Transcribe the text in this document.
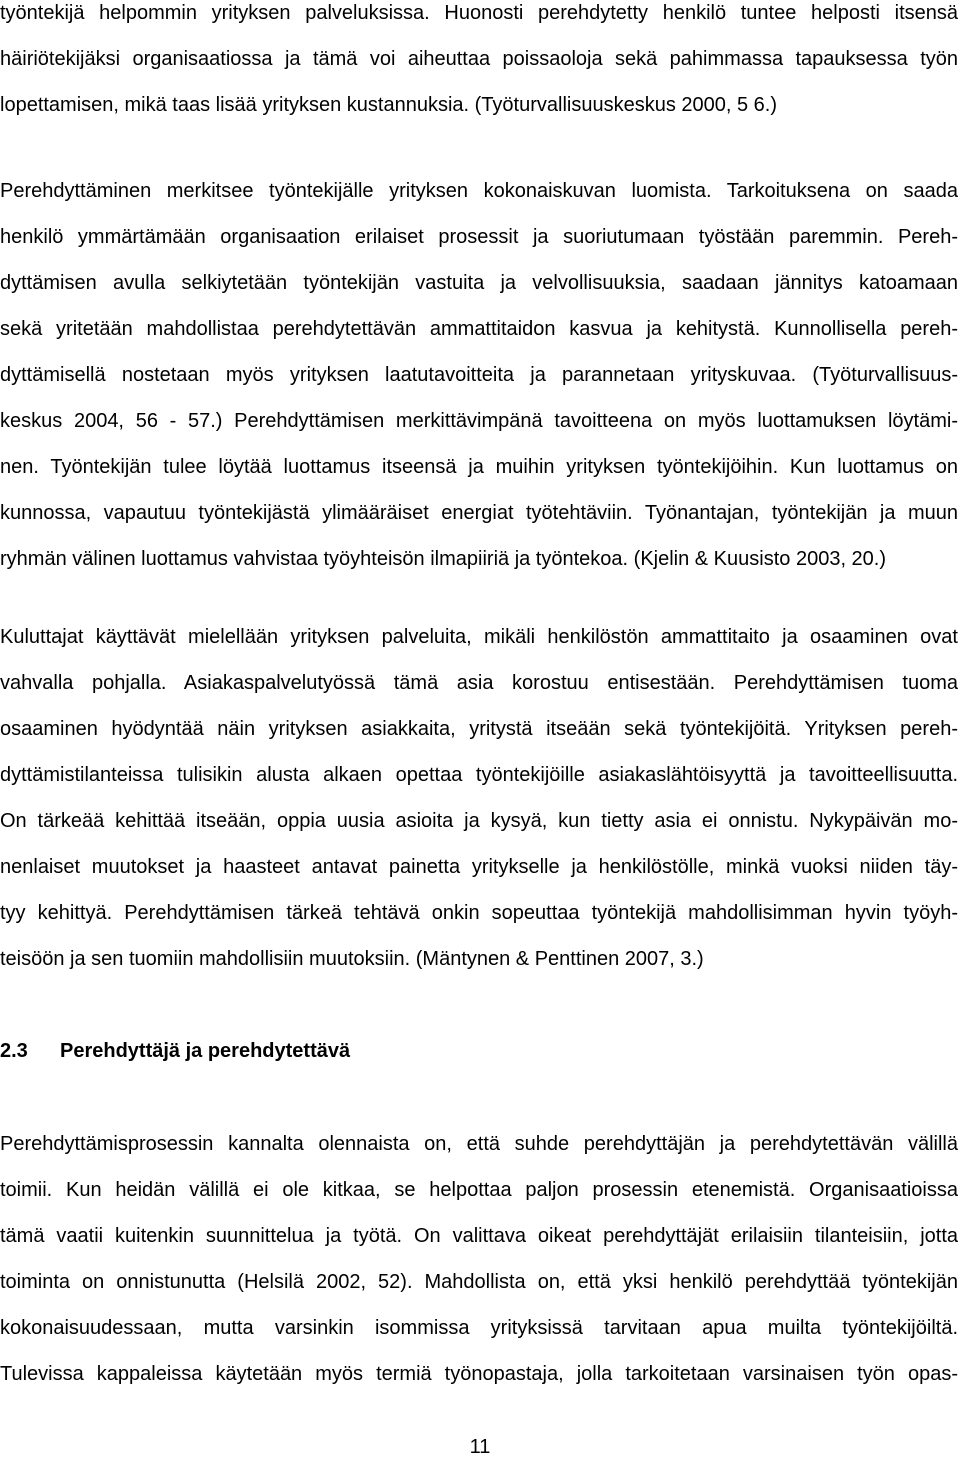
työntekijä helpommin yrityksen palveluksissa. Huonosti perehdytetty henkilö tuntee helposti itsensä
häiriötekijäksi organisaatiossa ja tämä voi aiheuttaa poissaoloja sekä pahimmassa tapauksessa työn
lopettamisen, mikä taas lisää yrityksen kustannuksia. (Työturvallisuuskeskus 2000, 5 6.)
Perehdyttäminen merkitsee työntekijälle yrityksen kokonaiskuvan luomista. Tarkoituksena on saada
henkilö ymmärtämään organisaation erilaiset prosessit ja suoriutumaan työstään paremmin. Pereh-
dyttämisen avulla selkiytetään työntekijän vastuita ja velvollisuuksia, saadaan jännitys katoamaan
sekä yritetään mahdollistaa perehdytettävän ammattitaidon kasvua ja kehitystä. Kunnollisella pereh-
dyttämisellä nostetaan myös yrityksen laatutavoitteita ja parannetaan yrityskuvaa. (Työturvallisuus-
keskus 2004, 56 - 57.) Perehdyttämisen merkittävimpänä tavoitteena on myös luottamuksen löytämi-
nen. Työntekijän tulee löytää luottamus itseensä ja muihin yrityksen työntekijöihin. Kun luottamus on
kunnossa, vapautuu työntekijästä ylimääräiset energiat työtehtäviin. Työnantajan, työntekijän ja muun
ryhmän välinen luottamus vahvistaa työyhteisön ilmapiiriä ja työntekoa. (Kjelin & Kuusisto 2003, 20.)
Kuluttajat käyttävät mielellään yrityksen palveluita, mikäli henkilöstön ammattitaito ja osaaminen ovat
vahvalla pohjalla. Asiakaspalvelutyössä tämä asia korostuu entisestään. Perehdyttämisen tuoma
osaaminen hyödyntää näin yrityksen asiakkaita, yritystä itseään sekä työntekijöitä. Yrityksen pereh-
dyttämistilanteissa tulisikin alusta alkaen opettaa työntekijöille asiakaslähtöisyyttä ja tavoitteellisuutta.
On tärkeää kehittää itseään, oppia uusia asioita ja kysyä, kun tietty asia ei onnistu. Nykypäivän mo-
nenlaiset muutokset ja haasteet antavat painetta yritykselle ja henkilöstölle, minkä vuoksi niiden täy-
tyy kehittyä. Perehdyttämisen tärkeä tehtävä onkin sopeuttaa työntekijä mahdollisimman hyvin työyh-
teisöön ja sen tuomiin mahdollisiin muutoksiin. (Mäntynen & Penttinen 2007, 3.)
2.3 Perehdyttäjä ja perehdytettävä
Perehdyttämisprosessin kannalta olennaista on, että suhde perehdyttäjän ja perehdytettävän välillä
toimii. Kun heidän välillä ei ole kitkaa, se helpottaa paljon prosessin etenemistä. Organisaatioissa
tämä vaatii kuitenkin suunnittelua ja työtä. On valittava oikeat perehdyttäjät erilaisiin tilanteisiin, jotta
toiminta on onnistunutta (Helsilä 2002, 52). Mahdollista on, että yksi henkilö perehdyttää työntekijän
kokonaisuudessaan, mutta varsinkin isommissa yrityksissä tarvitaan apua muilta työntekijöiltä.
Tulevissa kappaleissa käytetään myös termiä työnopastaja, jolla tarkoitetaan varsinaisen työn opas-
11
